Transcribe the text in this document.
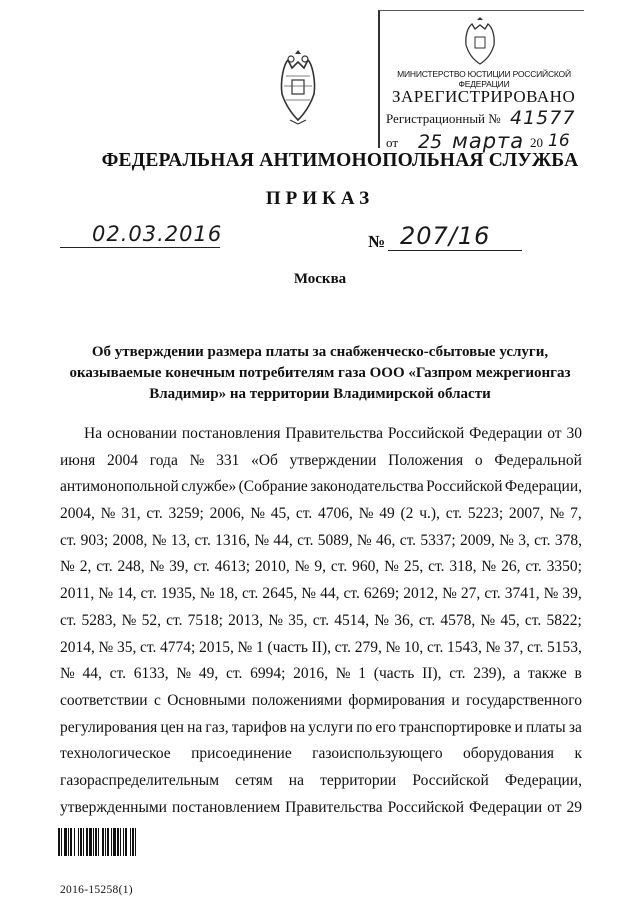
МИНИСТЕРСТВО ЮСТИЦИИ РОССИЙСКОЙ ФЕДЕРАЦИИ
ЗАРЕГИСТРИРОВАНО
Регистрационный № 41577
от 25 марта 20 16
ФЕДЕРАЛЬНАЯ АНТИМОНОПОЛЬНАЯ СЛУЖБА
ПРИКАЗ
02.03.2016	№ 207/16
Москва
Об утверждении размера платы за снабженческо-сбытовые услуги,
оказываемые конечным потребителям газа ООО «Газпром межрегионгаз
Владимир» на территории Владимирской области
На основании постановления Правительства Российской Федерации от 30
июня 2004 года № 331 «Об утверждении Положения о Федеральной
антимонопольной службе» (Собрание законодательства Российской Федерации,
2004, № 31, ст. 3259; 2006, № 45, ст. 4706, № 49 (2 ч.), ст. 5223; 2007, № 7,
ст. 903; 2008, № 13, ст. 1316, № 44, ст. 5089, № 46, ст. 5337; 2009, № 3, ст. 378,
№ 2, ст. 248, № 39, ст. 4613; 2010, № 9, ст. 960, № 25, ст. 318, № 26, ст. 3350;
2011, № 14, ст. 1935, № 18, ст. 2645, № 44, ст. 6269; 2012, № 27, ст. 3741, № 39,
ст. 5283, № 52, ст. 7518; 2013, № 35, ст. 4514, № 36, ст. 4578, № 45, ст. 5822;
2014, № 35, ст. 4774; 2015, № 1 (часть II), ст. 279, № 10, ст. 1543, № 37, ст. 5153,
№ 44, ст. 6133, № 49, ст. 6994; 2016, № 1 (часть II), ст. 239), а также в
соответствии с Основными положениями формирования и государственного
регулирования цен на газ, тарифов на услуги по его транспортировке и платы за
технологическое присоединение газоиспользующего оборудования к
газораспределительным сетям на территории Российской Федерации,
утвержденными постановлением Правительства Российской Федерации от 29
2016-15258(1)
